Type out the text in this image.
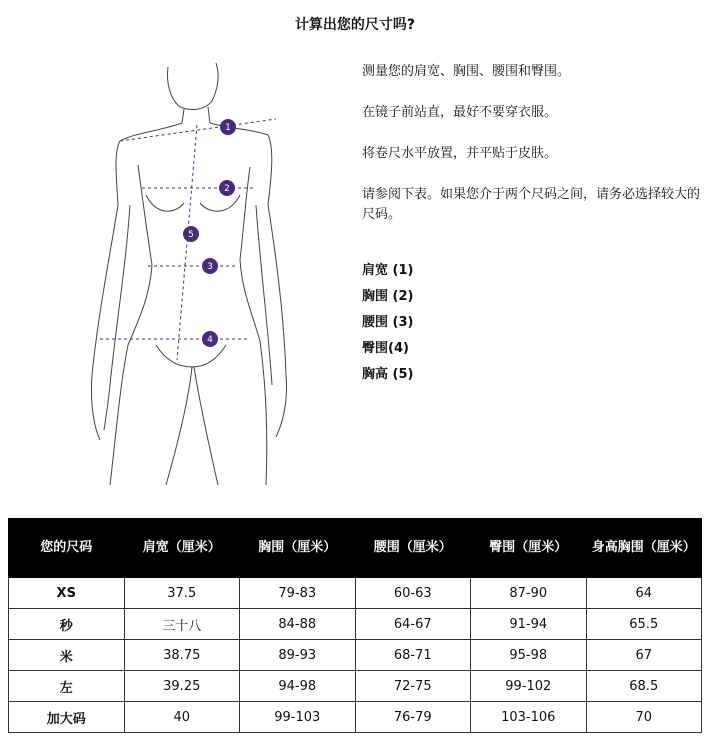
计算出您的尺寸吗?
1
2
3
4
5

测量您的肩宽、胸围、腰围和臀围。

在镜子前站直，最好不要穿衣服。

将卷尺水平放置，并平贴于皮肤。

请参阅下表。如果您介于两个尺码之间，请务必选择较大的尺码。

肩宽 (1)
胸围 (2)
腰围 (3)
臀围(4)
胸高 (5)
您的尺码	肩宽（厘米）	胸围（厘米）	腰围（厘米）	臀围（厘米）	身高胸围（厘米）
XS	37.5	79-83	60-63	87-90	64
秒	三十八	84-88	64-67	91-94	65.5
米	38.75	89-93	68-71	95-98	67
左	39.25	94-98	72-75	99-102	68.5
加大码	40	99-103	76-79	103-106	70
